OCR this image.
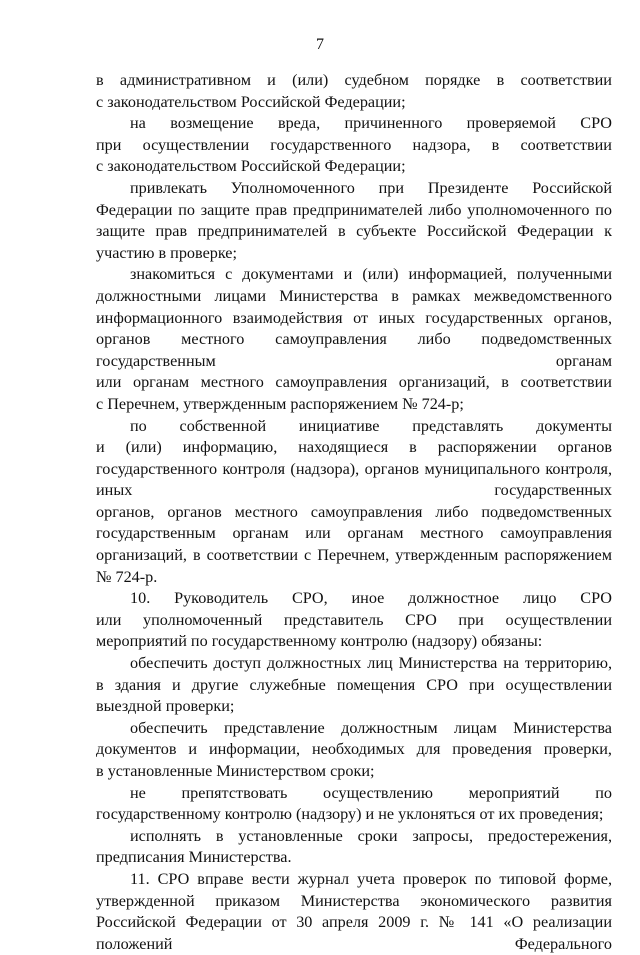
7
в административном и (или) судебном порядке в соответствии

с законодательством Российской Федерации;

на возмещение вреда, причиненного проверяемой СРО
при осуществлении государственного надзора, в соответствии

с законодательством Российской Федерации;

привлекать Уполномоченного при Президенте Российской Федерации по защите прав предпринимателей либо уполномоченного по защите прав предпринимателей в субъекте Российской Федерации к участию в проверке;

знакомиться с документами и (или) информацией, полученными
должностными лицами Министерства в рамках межведомственного

информационного взаимодействия от иных государственных органов, органов местного самоуправления либо подведомственных государственным органам

или органам местного самоуправления организаций, в соответствии

с Перечнем, утвержденным распоряжением № 724-р;

по собственной инициативе представлять документы

и (или) информацию, находящиеся в распоряжении органов государственного контроля (надзора), органов муниципального контроля, иных государственных

органов, органов местного самоуправления либо подведомственных

государственным органам или органам местного самоуправления организаций, в соответствии с Перечнем, утвержденным распоряжением № 724-р.

10. Руководитель СРО, иное должностное лицо СРО

или уполномоченный представитель СРО при осуществлении мероприятий по государственному контролю (надзору) обязаны:

обеспечить доступ должностных лиц Министерства на территорию, в здания и другие служебные помещения СРО при осуществлении выездной проверки;

обеспечить представление должностным лицам Министерства
документов и информации, необходимых для проведения проверки,

в установленные Министерством сроки;

не препятствовать осуществлению мероприятий по государственному контролю (надзору) и не уклоняться от их проведения;

исполнять в установленные сроки запросы, предостережения,

предписания Министерства.

11. СРО вправе вести журнал учета проверок по типовой форме, утвержденной приказом Министерства экономического развития Российской Федерации от 30 апреля 2009 г. № 141 «О реализации положений Федерального
